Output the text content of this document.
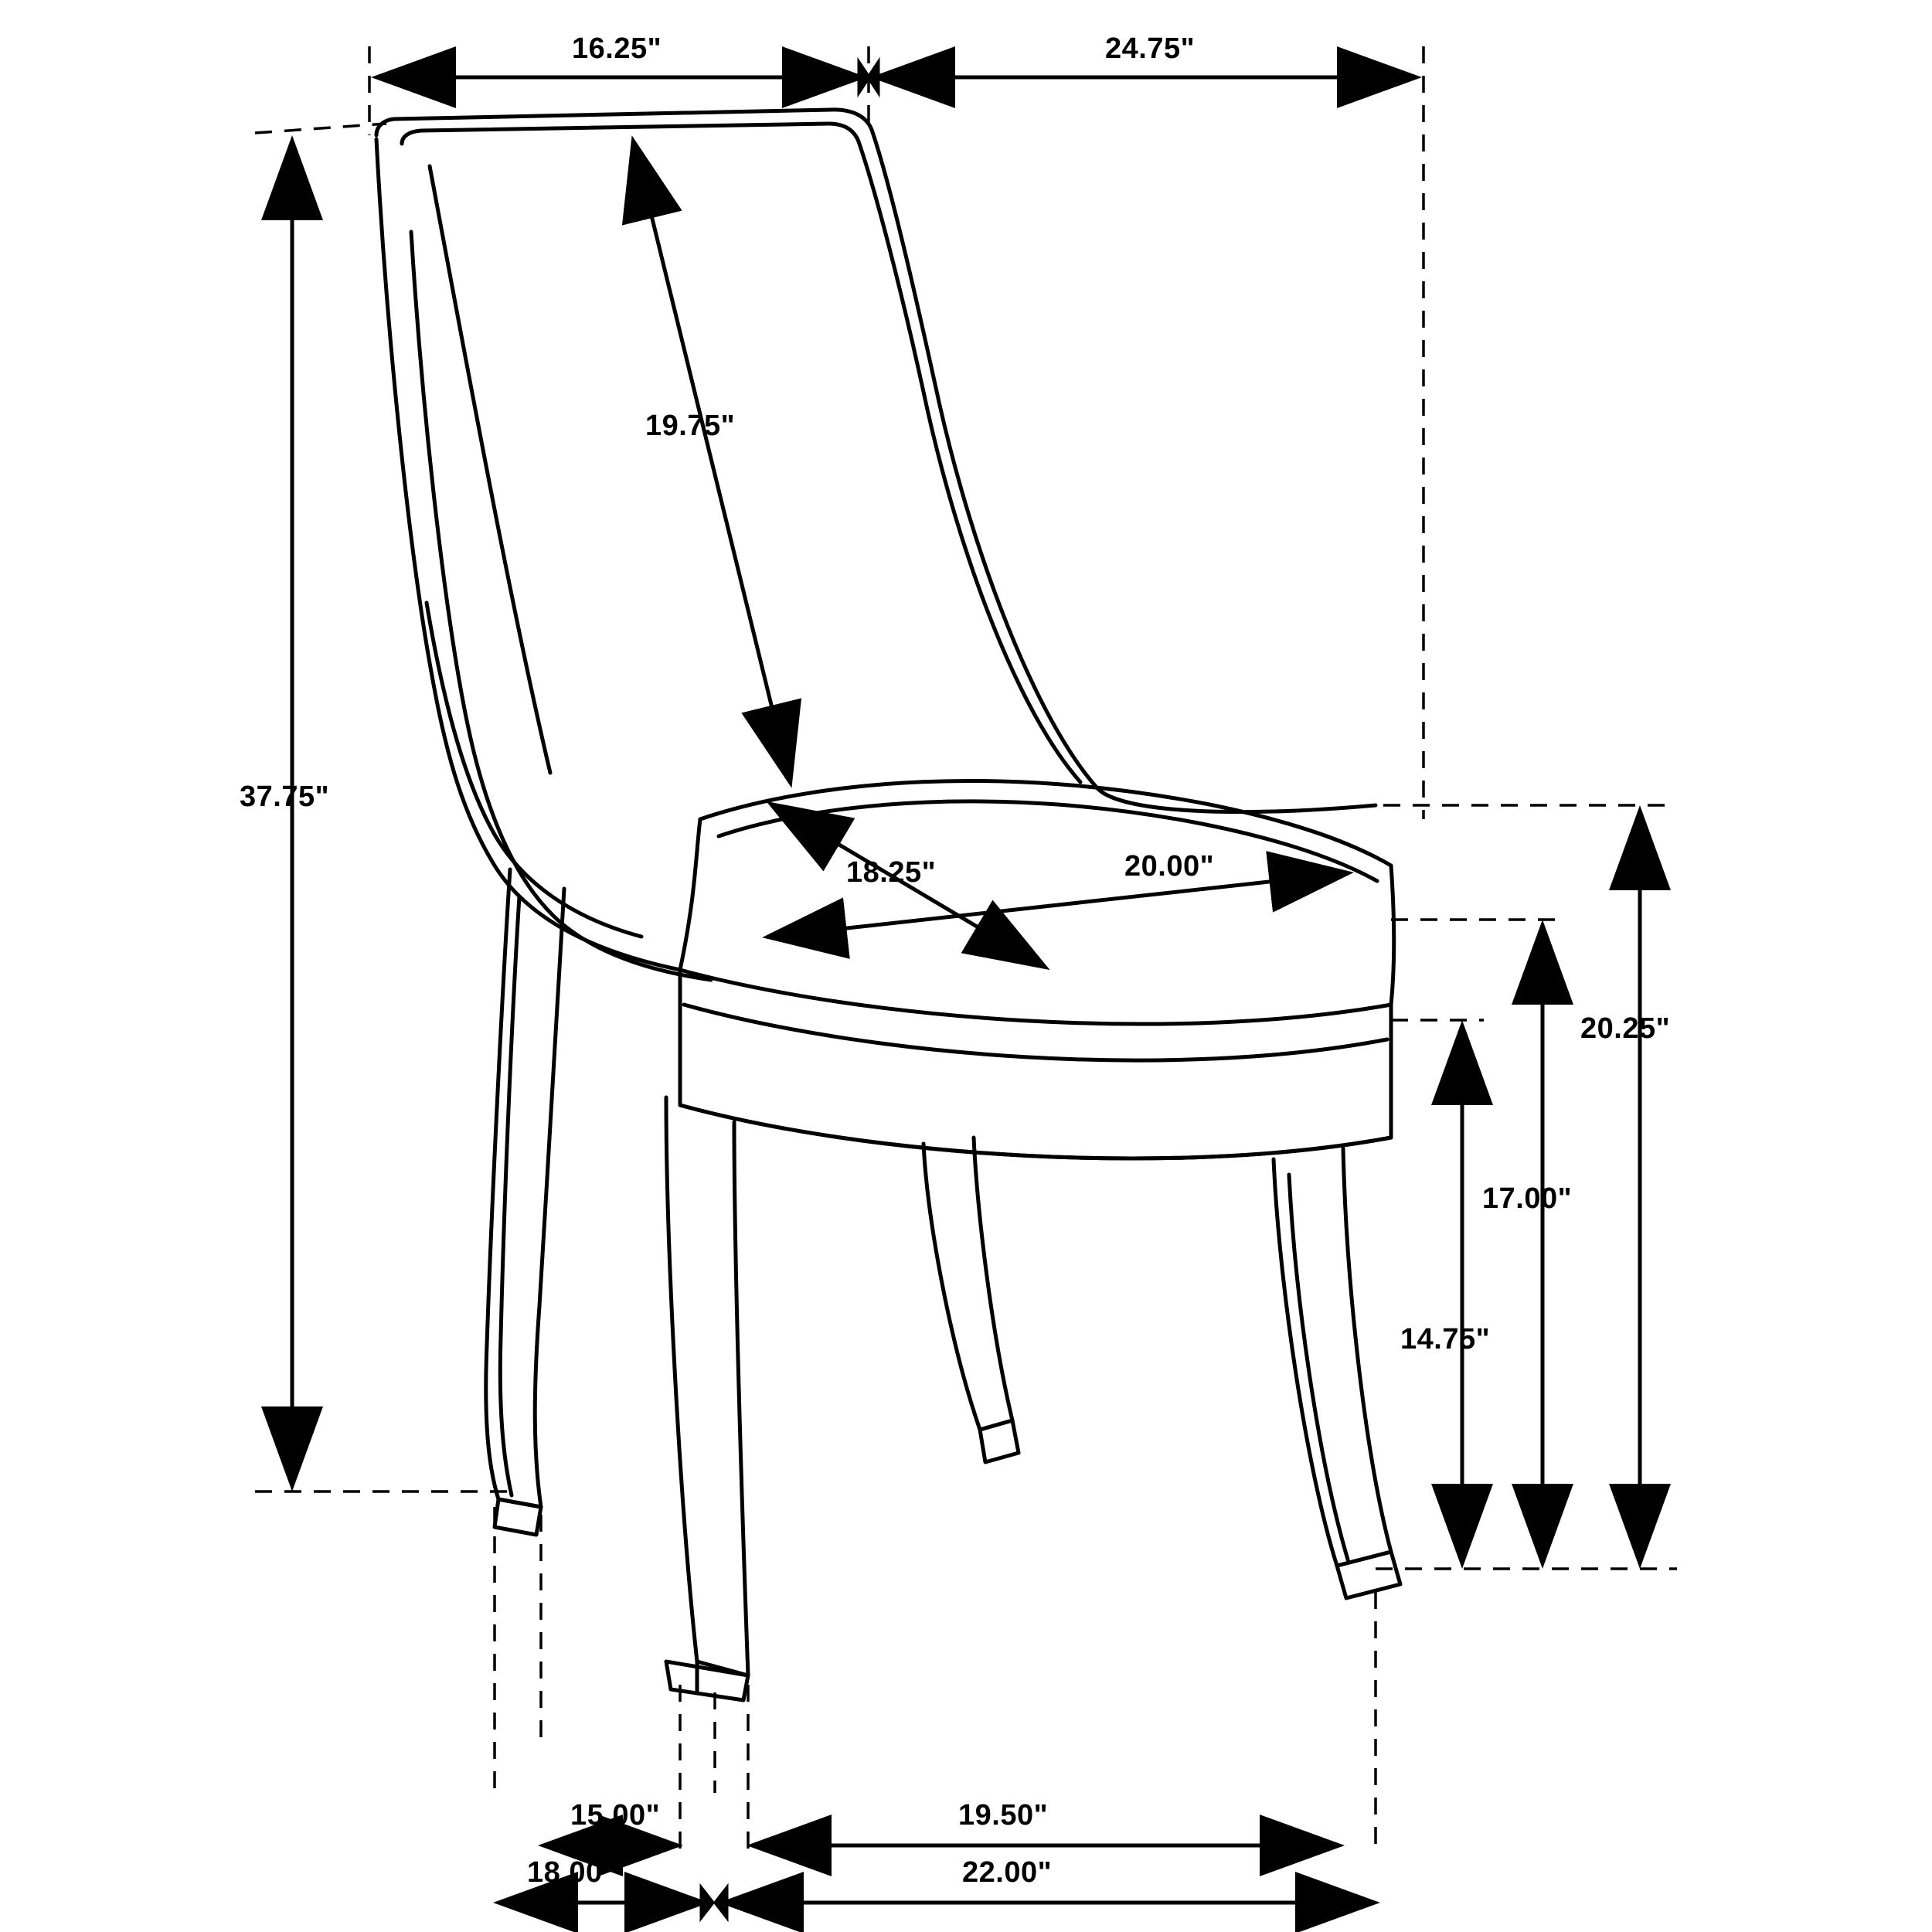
16.25"	24.75"
19.75"
37.75"
18.25"	20.00"
20.25"
17.00"
14.75"
15.00"	19.50"
18.00"	22.00"
